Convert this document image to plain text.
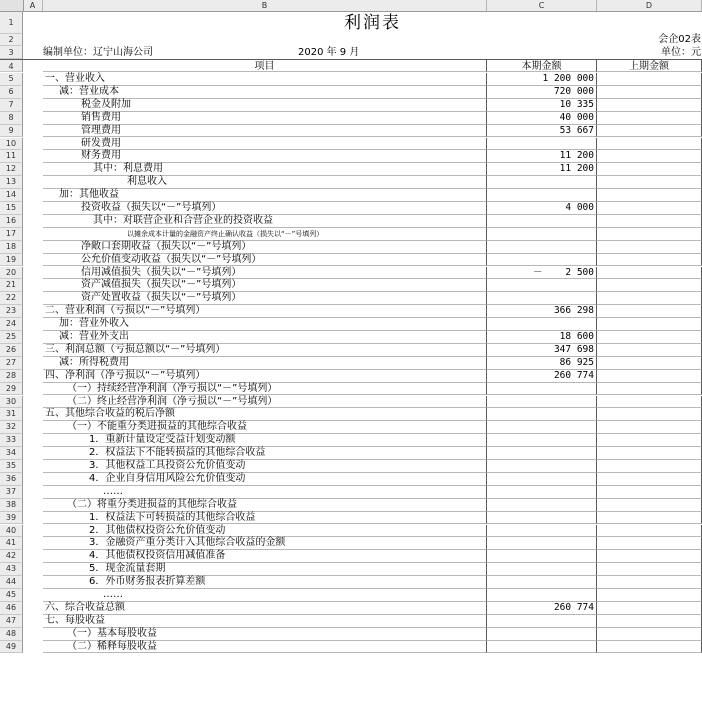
A	B	C	D
1	利润表
2	会企02表
3	编制单位：辽宁山海公司	2020 年 9 月	单位：元
4	项目	本期金额	上期金额
5	一、营业收入	1 200 000
6	减：营业成本	720 000
7	税金及附加	10 335
8	销售费用	40 000
9	管理费用	53 667
10	研发费用
11	财务费用	11 200
12	其中：利息费用	11 200
13	利息收入
14	加：其他收益
15	投资收益（损失以“－”号填列）	4 000
16	其中：对联营企业和合营企业的投资收益
17	以摊余成本计量的金融资产终止确认收益（损失以“－”号填列）
18	净敞口套期收益（损失以“－”号填列）
19	公允价值变动收益（损失以“－”号填列）
20	信用减值损失（损失以“－”号填列）	－ 2 500
21	资产减值损失（损失以“－”号填列）
22	资产处置收益（损失以“－”号填列）
23	二、营业利润（亏损以“－”号填列）	366 298
24	加：营业外收入
25	减：营业外支出	18 600
26	三、利润总额（亏损总额以“－”号填列）	347 698
27	减：所得税费用	86 925
28	四、净利润（净亏损以“－”号填列）	260 774
29	（一）持续经营净利润（净亏损以“－”号填列）
30	（二）终止经营净利润（净亏损以“－”号填列）
31	五、其他综合收益的税后净额
32	（一）不能重分类进损益的其他综合收益
33	1．重新计量设定受益计划变动额
34	2．权益法下不能转损益的其他综合收益
35	3．其他权益工具投资公允价值变动
36	4．企业自身信用风险公允价值变动
37	……
38	（二）将重分类进损益的其他综合收益
39	1．权益法下可转损益的其他综合收益
40	2．其他债权投资公允价值变动
41	3．金融资产重分类计入其他综合收益的金额
42	4．其他债权投资信用减值准备
43	5．现金流量套期
44	6．外币财务报表折算差额
45	……
46	六、综合收益总额	260 774
47	七、每股收益
48	（一）基本每股收益
49	（二）稀释每股收益
